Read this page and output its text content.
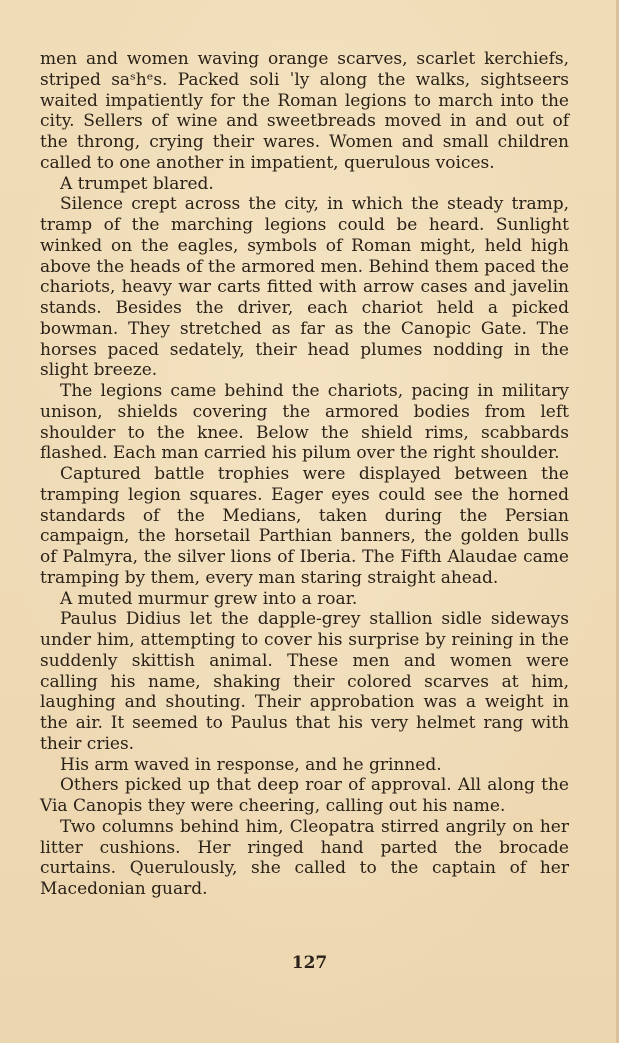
men and women waving orange scarves, scarlet kerchiefs, striped saˢhᵉs. Packed soli ˈly along the walks, sightseers waited impatiently for the Roman legions to march into the city. Sellers of wine and sweetbreads moved in and out of the throng, crying their wares. Women and small children called to one another in impatient, querulous voices.

A trumpet blared.

Silence crept across the city, in which the steady tramp, tramp of the marching legions could be heard. Sunlight winked on the eagles, symbols of Roman might, held high above the heads of the armored men. Behind them paced the chariots, heavy war carts fitted with arrow cases and javelin stands. Besides the driver, each chariot held a picked bowman. They stretched as far as the Canopic Gate. The horses paced sedately, their head plumes nodding in the slight breeze.

The legions came behind the chariots, pacing in military unison, shields covering the armored bodies from left shoulder to the knee. Below the shield rims, scabbards flashed. Each man carried his pilum over the right shoulder.

Captured battle trophies were displayed between the tramping legion squares. Eager eyes could see the horned standards of the Medians, taken during the Persian campaign, the horsetail Parthian banners, the golden bulls of Palmyra, the silver lions of Iberia. The Fifth Alaudae came tramping by them, every man staring straight ahead.

A muted murmur grew into a roar.

Paulus Didius let the dapple-grey stallion sidle sideways under him, attempting to cover his surprise by reining in the suddenly skittish animal. These men and women were calling his name, shaking their colored scarves at him, laughing and shouting. Their approbation was a weight in the air. It seemed to Paulus that his very helmet rang with their cries.

His arm waved in response, and he grinned.

Others picked up that deep roar of approval. All along the Via Canopis they were cheering, calling out his name.

Two columns behind him, Cleopatra stirred angrily on her litter cushions. Her ringed hand parted the brocade curtains. Querulously, she called to the captain of her Macedonian guard.

127
